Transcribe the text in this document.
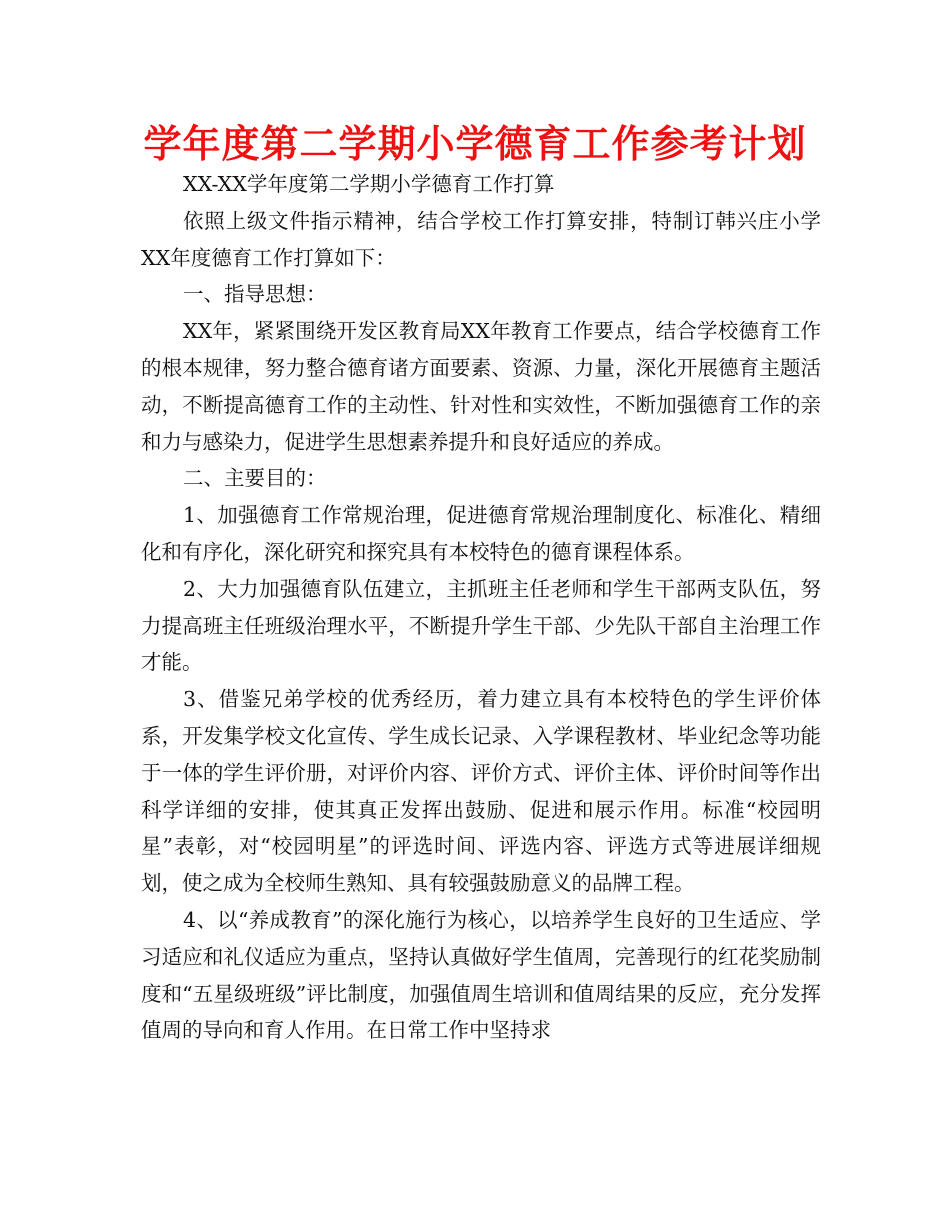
学年度第二学期小学德育工作参考计划

XX-XX学年度第二学期小学德育工作打算

依照上级文件指示精神，结合学校工作打算安排，特制订韩兴庄小学XX年度德育工作打算如下：

一、指导思想：

XX年，紧紧围绕开发区教育局XX年教育工作要点，结合学校德育工作的根本规律，努力整合德育诸方面要素、资源、力量，深化开展德育主题活动，不断提高德育工作的主动性、针对性和实效性，不断加强德育工作的亲和力与感染力，促进学生思想素养提升和良好适应的养成。

二、主要目的：

1、加强德育工作常规治理，促进德育常规治理制度化、标准化、精细化和有序化，深化研究和探究具有本校特色的德育课程体系。

2、大力加强德育队伍建立，主抓班主任老师和学生干部两支队伍，努力提高班主任班级治理水平，不断提升学生干部、少先队干部自主治理工作才能。

3、借鉴兄弟学校的优秀经历，着力建立具有本校特色的学生评价体系，开发集学校文化宣传、学生成长记录、入学课程教材、毕业纪念等功能于一体的学生评价册，对评价内容、评价方式、评价主体、评价时间等作出科学详细的安排，使其真正发挥出鼓励、促进和展示作用。标准“校园明星”表彰，对“校园明星”的评选时间、评选内容、评选方式等进展详细规划，使之成为全校师生熟知、具有较强鼓励意义的品牌工程。

4、以“养成教育”的深化施行为核心，以培养学生良好的卫生适应、学习适应和礼仪适应为重点，坚持认真做好学生值周，完善现行的红花奖励制度和“五星级班级”评比制度，加强值周生培训和值周结果的反应，充分发挥值周的导向和育人作用。在日常工作中坚持求
